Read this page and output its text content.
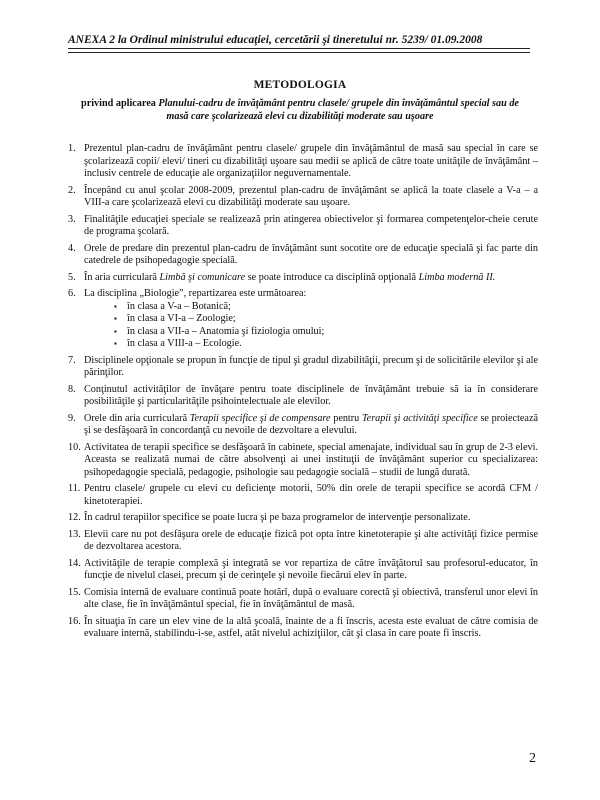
ANEXA 2 la Ordinul ministrului educaţiei, cercetării şi tineretului nr. 5239/ 01.09.2008
METODOLOGIA
privind aplicarea Planului-cadru de învăţământ pentru clasele/ grupele din învăţământul special sau de masă care şcolarizează elevi cu dizabilităţi moderate sau uşoare
1. Prezentul plan-cadru de învăţământ pentru clasele/ grupele din învăţământul de masă sau special în care se şcolarizează copii/ elevi/ tineri cu dizabilităţi uşoare sau medii se aplică de către toate unităţile de învăţământ – inclusiv centrele de educaţie ale organizaţiilor neguvernamentale.
2. Începând cu anul şcolar 2008-2009, prezentul plan-cadru de învăţământ se aplică la toate clasele a V-a – a VIII-a care şcolarizează elevi cu dizabilităţi moderate sau uşoare.
3. Finalităţile educaţiei speciale se realizează prin atingerea obiectivelor şi formarea competenţelor-cheie cerute de programa şcolară.
4. Orele de predare din prezentul plan-cadru de învăţământ sunt socotite ore de educaţie specială şi fac parte din catedrele de psihopedagogie specială.
5. În aria curriculară Limbă şi comunicare se poate introduce ca disciplină opţională Limba modernă II.
6. La disciplina „Biologie”, repartizarea este următoarea:
▪ în clasa a V-a – Botanică;
▪ în clasa a VI-a – Zoologie;
▪ în clasa a VII-a – Anatomia şi fiziologia omului;
▪ în clasa a VIII-a – Ecologie.
7. Disciplinele opţionale se propun în funcţie de tipul şi gradul dizabilităţii, precum şi de solicitările elevilor şi ale părinţilor.
8. Conţinutul activităţilor de învăţare pentru toate disciplinele de învăţământ trebuie să ia în considerare posibilităţile şi particularităţile psihointelectuale ale elevilor.
9. Orele din aria curriculară Terapii specifice şi de compensare pentru Terapii şi activităţi specifice se proiectează şi se desfăşoară în concordanţă cu nevoile de dezvoltare a elevului.
10. Activitatea de terapii specifice se desfăşoară în cabinete, special amenajate, individual sau în grup de 2-3 elevi. Aceasta se realizată numai de către absolvenţi ai unei instituţii de învăţământ superior cu specializarea: psihopedagogie specială, pedagogie, psihologie sau pedagogie socială – studii de lungă durată.
11. Pentru clasele/ grupele cu elevi cu deficienţe motorii, 50% din orele de terapii specifice se acordă CFM / kinetoterapiei.
12. În cadrul terapiilor specifice se poate lucra şi pe baza programelor de intervenţie personalizate.
13. Elevii care nu pot desfăşura orele de educaţie fizică pot opta între kinetoterapie şi alte activităţi fizice permise de dezvoltarea acestora.
14. Activităţile de terapie complexă şi integrată se vor repartiza de către învăţătorul sau profesorul-educator, în funcţie de nivelul clasei, precum şi de cerinţele şi nevoile fiecărui elev în parte.
15. Comisia internă de evaluare continuă poate hotărî, după o evaluare corectă şi obiectivă, transferul unor elevi în alte clase, fie în învăţământul special, fie în învăţământul de masă.
16. În situaţia în care un elev vine de la altă şcoală, înainte de a fi înscris, acesta este evaluat de către comisia de evaluare internă, stabilindu-i-se, astfel, atât nivelul achiziţiilor, cât şi clasa în care poate fi înscris.
2
